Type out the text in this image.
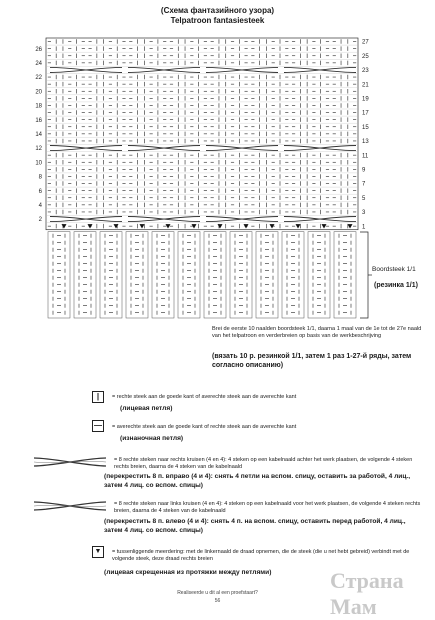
(Схема фантазийного узора)
Telpatroon fantasiesteek
26
24
22
20
18
16
14
12
10
8
6
4
2
27
25
23
21
19
17
15
13
11
9
7
5
3
1
Boordsteek 1/1
(резинка 1/1)
Brei de eerste 10 naalden boordsteek 1/1, daarna 1 maal van de 1e tot de 27e naald van het telpatroon en verderbreien op basis van de werkbeschrijving
(вязать 10 р. резинкой 1/1, затем 1 раз 1-27-й ряды, затем согласно описанию)
|	= rechte steek aan de goede kant of averechte steek aan de averechte kant
(лицевая петля)
—	= averechte steek aan de goede kant of rechte steek aan de averechte kant
(изнаночная петля)
= 8 rechte steken naar rechts kruisen (4 en 4): 4 steken op een kabelnaald achter het werk plaatsen, de volgende 4 steken rechts breien, daarna de 4 steken van de kabelnaald
(перекрестить 8 п. вправо (4 и 4): снять 4 петли на вспом. спицу, оставить за работой, 4 лиц., затем 4 лиц. со вспом. спицы)
= 8 rechte steken naar links kruisen (4 en 4): 4 steken op een kabelnaald voor het werk plaatsen, de volgende 4 steken rechts breien, daarna de 4 steken van de kabelnaald
(перекрестить 8 п. влево (4 и 4): снять 4 п. на вспом. спицу, оставить перед работой, 4 лиц., затем 4 лиц. со вспом. спицы)
▼	= tussenliggende meerdering: met de linkernaald de draad opnemen, die de steek (die u net hebt gebreid) verbindt met de volgende steek, deze draad rechts breien
(лицевая скрещенная из протяжки между петлями)	Страна Мам
Realiseerde u dit al een proefstaart?
56
